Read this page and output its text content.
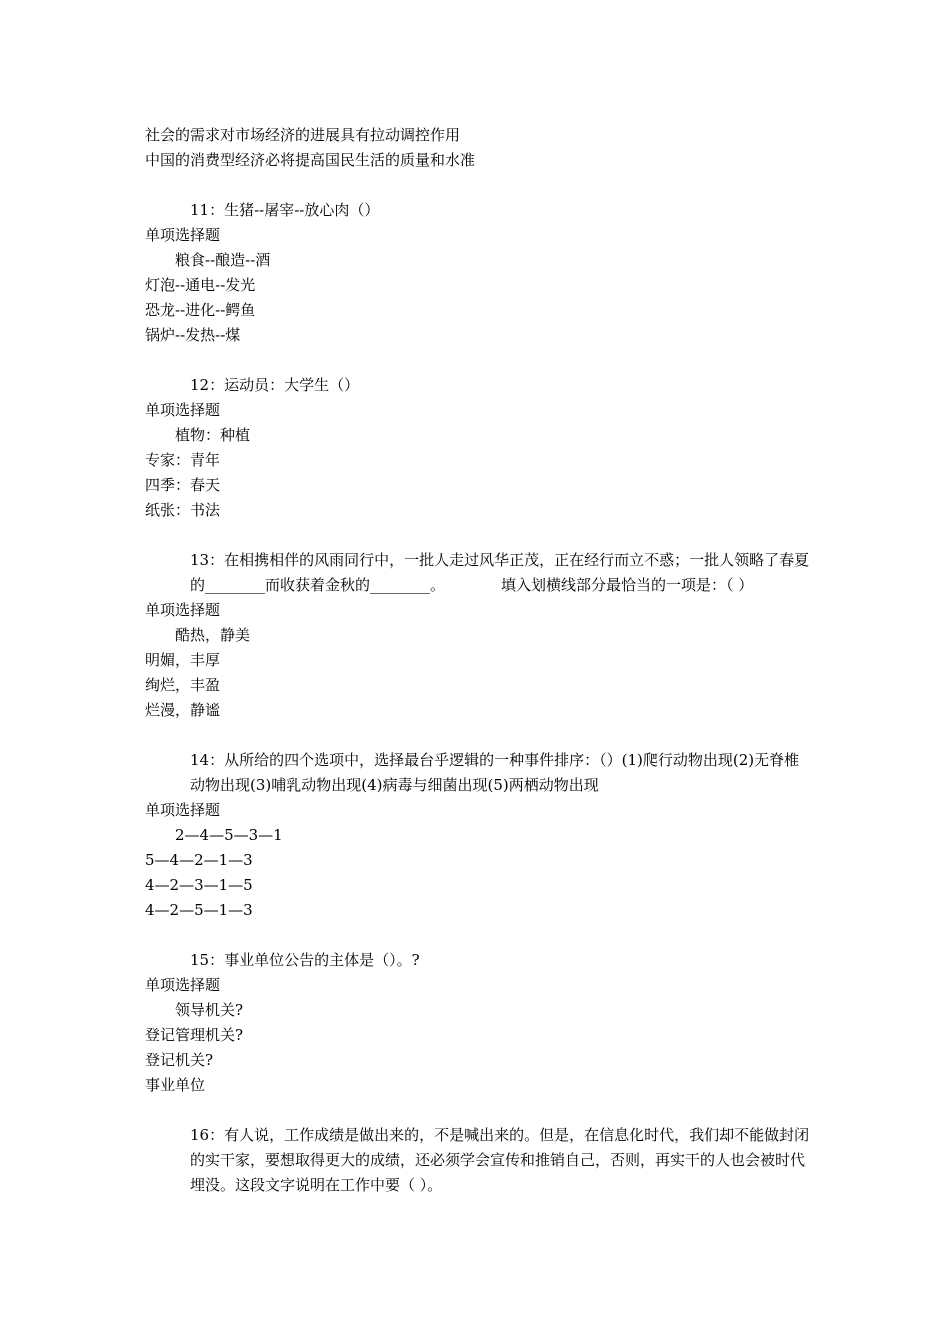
社会的需求对市场经济的进展具有拉动调控作用

中国的消费型经济必将提高国民生活的质量和水准

11：生猪--屠宰--放心肉（）

单项选择题

粮食--酿造--酒

灯泡--通电--发光

恐龙--进化--鳄鱼

锅炉--发热--煤

12：运动员：大学生（）

单项选择题

植物：种植

专家：青年

四季：春天

纸张：书法

13：在相携相伴的风雨同行中，一批人走过风华正茂，正在经行而立不惑；一批人领略了春夏的________而收获着金秋的________。	填入划横线部分最恰当的一项是：（ ）

单项选择题

酷热，静美

明媚，丰厚

绚烂，丰盈

烂漫，静谧

14：从所给的四个选项中，选择最台乎逻辑的一种事件排序：（）(1)爬行动物出现(2)无脊椎动物出现(3)哺乳动物出现(4)病毒与细菌出现(5)两栖动物出现

单项选择题

2—4—5—3—1

5—4—2—1—3

4—2—3—1—5

4—2—5—1—3

15：事业单位公告的主体是（）。?

单项选择题

领导机关?

登记管理机关?

登记机关?

事业单位

16：有人说，工作成绩是做出来的，不是喊出来的。但是，在信息化时代，我们却不能做封闭的实干家，要想取得更大的成绩，还必须学会宣传和推销自己，否则，再实干的人也会被时代埋没。这段文字说明在工作中要（ ）。
